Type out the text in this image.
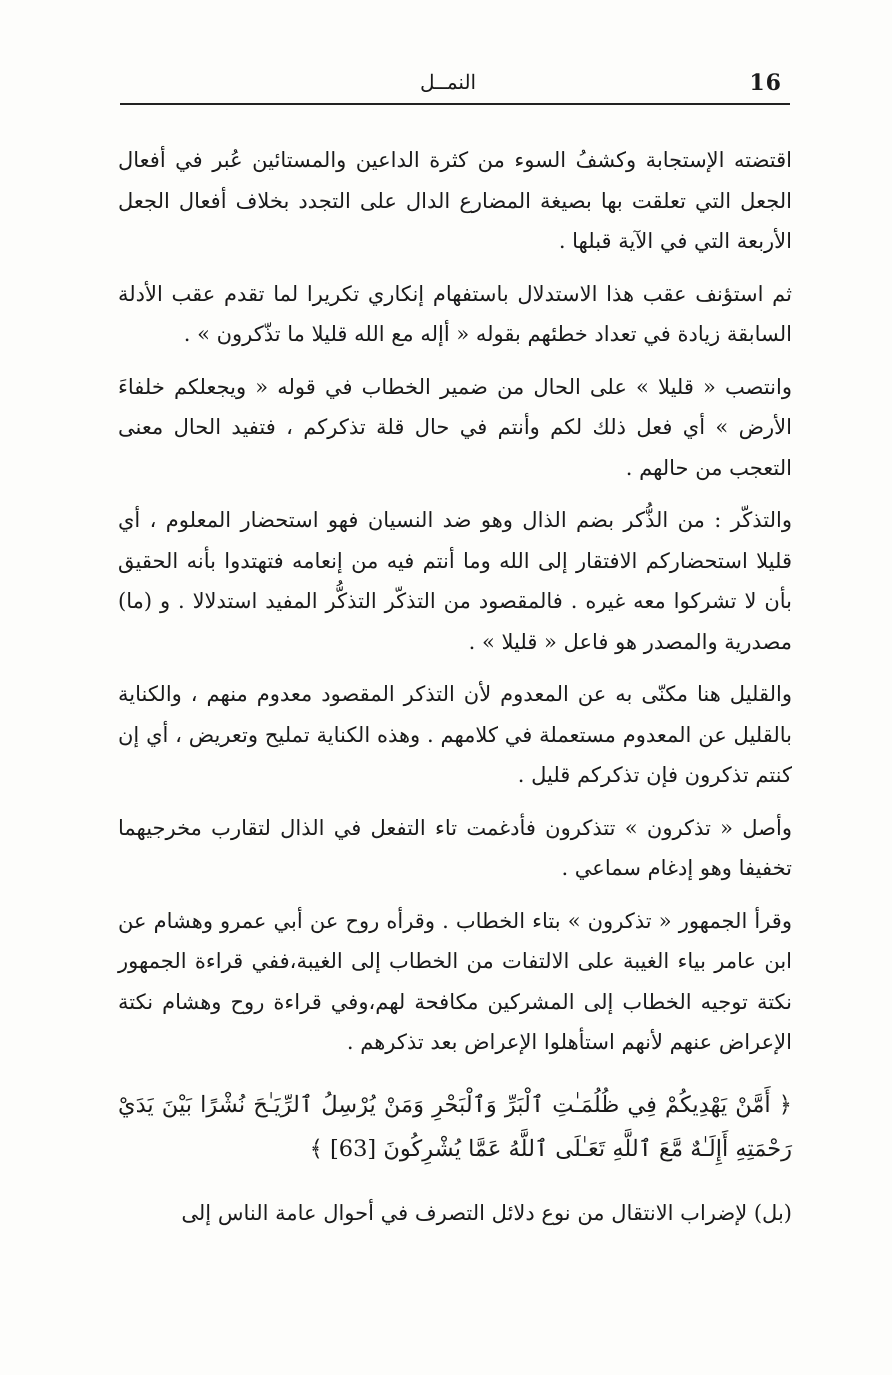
النمــل	16

اقتضته الإستجابة وكشفُ السوء من كثرة الداعين والمستائين عُبر في أفعال الجعل التي تعلقت بها بصيغة المضارع الدال على التجدد بخلاف أفعال الجعل الأربعة التي في الآية قبلها .

ثم استؤنف عقب هذا الاستدلال باستفهام إنكاري تكريرا لما تقدم عقب الأدلة السابقة زيادة في تعداد خطئهم بقوله « أإله مع الله قليلا ما تذّكرون » .

وانتصب « قليلا » على الحال من ضمير الخطاب في قوله « ويجعلكم خلفاءَ الأرض » أي فعل ذلك لكم وأنتم في حال قلة تذكركم ، فتفيد الحال معنى التعجب من حالهم .

والتذكّر : من الذُّكر بضم الذال وهو ضد النسيان فهو استحضار المعلوم ، أي قليلا استحضاركم الافتقار إلى الله وما أنتم فيه من إنعامه فتهتدوا بأنه الحقيق بأن لا تشركوا معه غيره . فالمقصود من التذكّر التذكُّر المفيد استدلالا . و (ما) مصدرية والمصدر هو فاعل « قليلا » .

والقليل هنا مكنّى به عن المعدوم لأن التذكر المقصود معدوم منهم ، والكناية بالقليل عن المعدوم مستعملة في كلامهم . وهذه الكناية تمليح وتعريض ، أي إن كنتم تذكرون فإن تذكركم قليل .

وأصل « تذكرون » تتذكرون فأدغمت تاء التفعل في الذال لتقارب مخرجيهما تخفيفا وهو إدغام سماعي .

وقرأ الجمهور « تذكرون » بتاء الخطاب . وقرأه روح عن أبي عمرو وهشام عن ابن عامر بياء الغيبة على الالتفات من الخطاب إلى الغيبة،ففي قراءة الجمهور نكتة توجيه الخطاب إلى المشركين مكافحة لهم،وفي قراءة روح وهشام نكتة الإعراض عنهم لأنهم استأهلوا الإعراض بعد تذكرهم .

﴿ أَمَّنْ يَهْدِيكُمْ فِي ظُلُمَـٰتِ ٱلْبَرِّ وَٱلْبَحْرِ وَمَنْ يُرْسِلُ ٱلرِّيَـٰحَ نُشْرًا بَيْنَ يَدَيْ رَحْمَتِهِ أَإِلَـٰهٌ مَّعَ ٱللَّهِ تَعَـٰلَى ٱللَّهُ عَمَّا يُشْرِكُونَ [63] ﴾

(بل) لإضراب الانتقال من نوع دلائل التصرف في أحوال عامة الناس إلى
